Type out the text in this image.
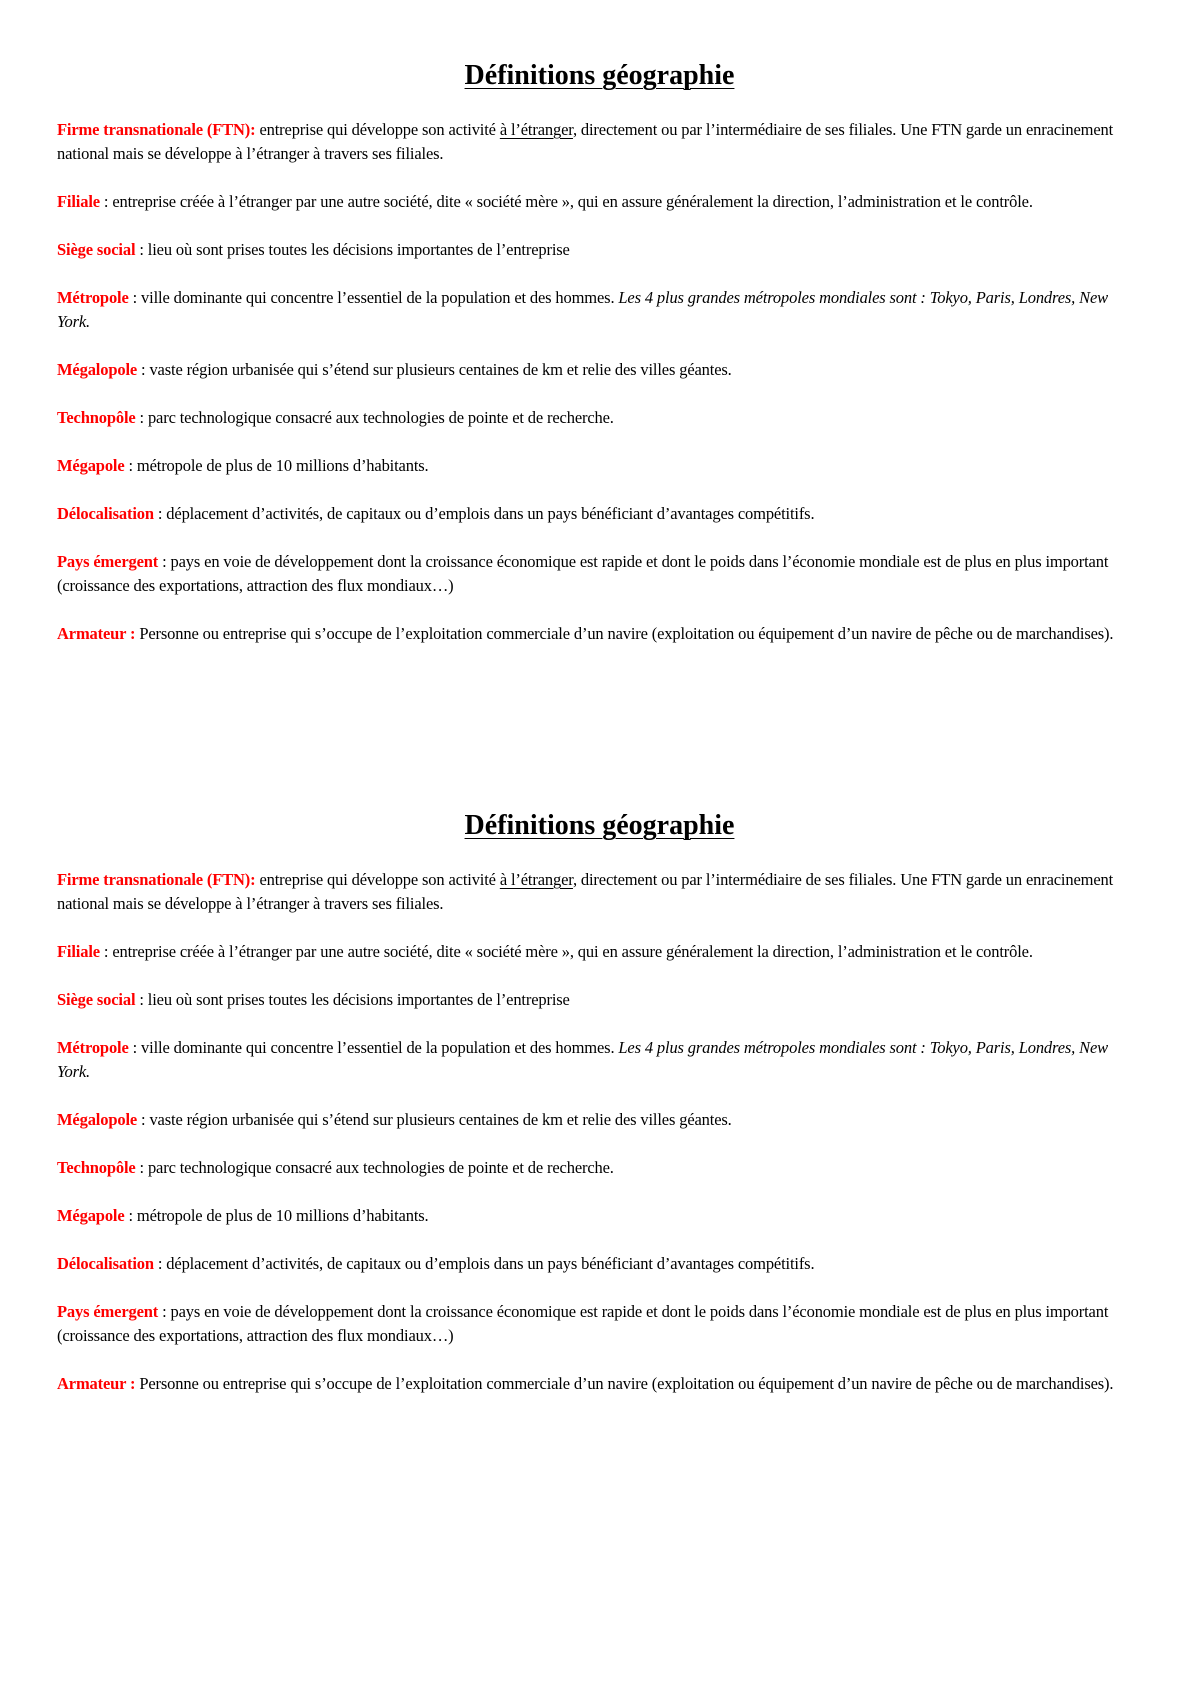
Définitions géographie

Firme transnationale (FTN): entreprise qui développe son activité à l’étranger, directement ou par l’intermédiaire de ses filiales. Une FTN garde un enracinement national mais se développe à l’étranger à travers ses filiales.

Filiale : entreprise créée à l’étranger par une autre société, dite « société mère », qui en assure généralement la direction, l’administration et le contrôle.

Siège social : lieu où sont prises toutes les décisions importantes de l’entreprise

Métropole : ville dominante qui concentre l’essentiel de la population et des hommes. Les 4 plus grandes métropoles mondiales sont : Tokyo, Paris, Londres, New York.

Mégalopole : vaste région urbanisée qui s’étend sur plusieurs centaines de km et relie des villes géantes.

Technopôle : parc technologique consacré aux technologies de pointe et de recherche.

Mégapole : métropole de plus de 10 millions d’habitants.

Délocalisation : déplacement d’activités, de capitaux ou d’emplois dans un pays bénéficiant d’avantages compétitifs.

Pays émergent : pays en voie de développement dont la croissance économique est rapide et dont le poids dans l’économie mondiale est de plus en plus important (croissance des exportations, attraction des flux mondiaux…)

Armateur : Personne ou entreprise qui s’occupe de l’exploitation commerciale d’un navire (exploitation ou équipement d’un navire de pêche ou de marchandises).

Définitions géographie

Firme transnationale (FTN): entreprise qui développe son activité à l’étranger, directement ou par l’intermédiaire de ses filiales. Une FTN garde un enracinement national mais se développe à l’étranger à travers ses filiales.

Filiale : entreprise créée à l’étranger par une autre société, dite « société mère », qui en assure généralement la direction, l’administration et le contrôle.

Siège social : lieu où sont prises toutes les décisions importantes de l’entreprise

Métropole : ville dominante qui concentre l’essentiel de la population et des hommes. Les 4 plus grandes métropoles mondiales sont : Tokyo, Paris, Londres, New York.

Mégalopole : vaste région urbanisée qui s’étend sur plusieurs centaines de km et relie des villes géantes.

Technopôle : parc technologique consacré aux technologies de pointe et de recherche.

Mégapole : métropole de plus de 10 millions d’habitants.

Délocalisation : déplacement d’activités, de capitaux ou d’emplois dans un pays bénéficiant d’avantages compétitifs.

Pays émergent : pays en voie de développement dont la croissance économique est rapide et dont le poids dans l’économie mondiale est de plus en plus important (croissance des exportations, attraction des flux mondiaux…)

Armateur : Personne ou entreprise qui s’occupe de l’exploitation commerciale d’un navire (exploitation ou équipement d’un navire de pêche ou de marchandises).
